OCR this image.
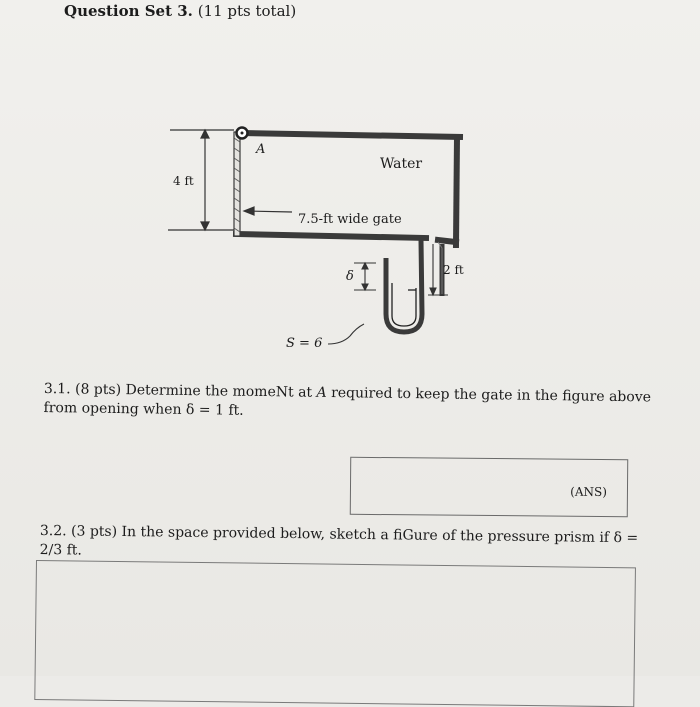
Question Set 3. (11 pts total)
A
Water
4 ft
7.5-ft wide gate
δ	2 ft
S = 6
3.1. (8 pts) Determine the momeNt at A required to keep the gate in the figure above from opening when δ = 1 ft.
(ANS)
3.2. (3 pts) In the space provided below, sketch a fiGure of the pressure prism if δ = 2/3 ft.
